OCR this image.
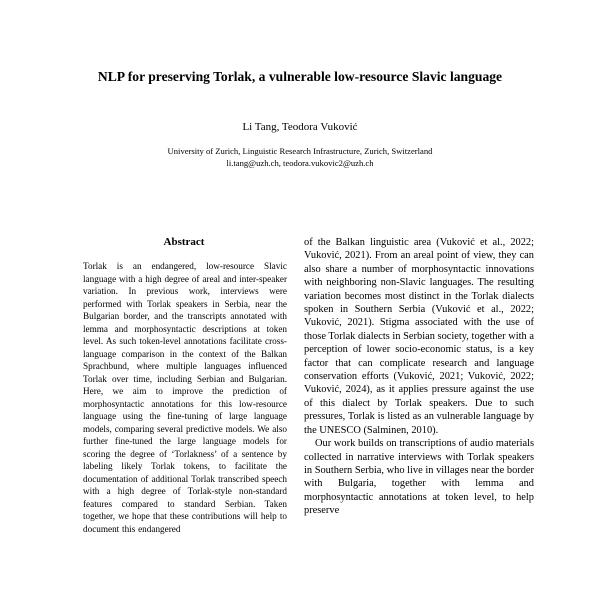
NLP for preserving Torlak, a vulnerable low-resource Slavic language
Li Tang, Teodora Vuković
University of Zurich, Linguistic Research Infrastructure, Zurich, Switzerland
li.tang@uzh.ch, teodora.vukovic2@uzh.ch
Abstract

Torlak is an endangered, low-resource Slavic language with a high degree of areal and inter-speaker variation. In previous work, interviews were performed with Torlak speakers in Serbia, near the Bulgarian border, and the transcripts annotated with lemma and morphosyntactic descriptions at token level. As such token-level annotations facilitate cross-language comparison in the context of the Balkan Sprachbund, where multiple languages influenced Torlak over time, including Serbian and Bulgarian. Here, we aim to improve the prediction of morphosyntactic annotations for this low-resource language using the fine-tuning of large language models, comparing several predictive models. We also further fine-tuned the large language models for scoring the degree of ‘Torlakness’ of a sentence by labeling likely Torlak tokens, to facilitate the documentation of additional Torlak transcribed speech with a high degree of Torlak-style non-standard features compared to standard Serbian. Taken together, we hope that these contributions will help to document this endangered

of the Balkan linguistic area (Vuković et al., 2022; Vuković, 2021). From an areal point of view, they can also share a number of morphosyntactic innovations with neighboring non-Slavic languages. The resulting variation becomes most distinct in the Torlak dialects spoken in Southern Serbia (Vuković et al., 2022; Vuković, 2021). Stigma associated with the use of those Torlak dialects in Serbian society, together with a perception of lower socio-economic status, is a key factor that can complicate research and language conservation efforts (Vuković, 2021; Vuković, 2022; Vuković, 2024), as it applies pressure against the use of this dialect by Torlak speakers. Due to such pressures, Torlak is listed as an vulnerable language by the UNESCO (Salminen, 2010).

Our work builds on transcriptions of audio materials collected in narrative interviews with Torlak speakers in Southern Serbia, who live in villages near the border with Bulgaria, together with lemma and morphosyntactic annotations at token level, to help preserve
